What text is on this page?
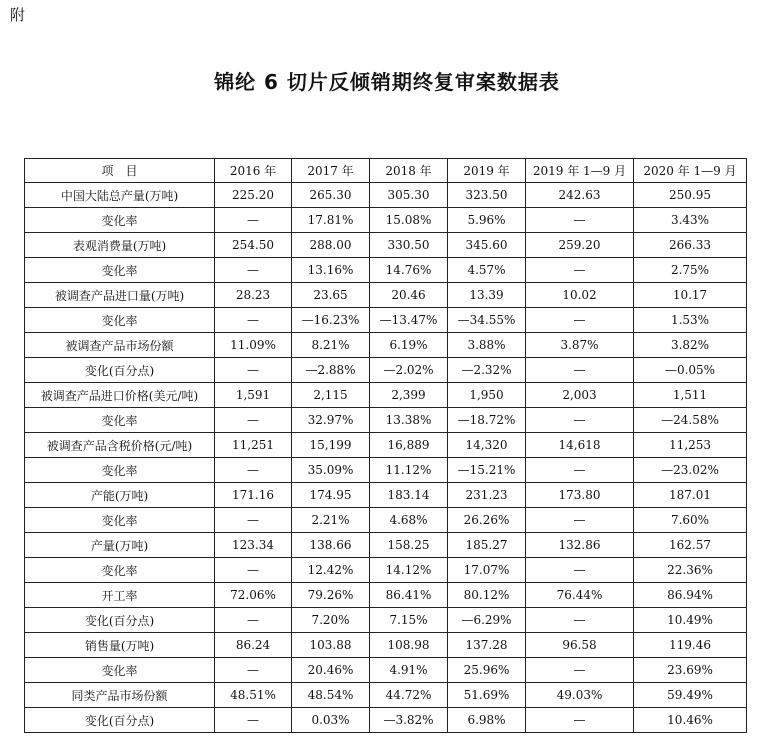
附
锦纶 6 切片反倾销期终复审案数据表
项　目	2016 年	2017 年	2018 年	2019 年	2019 年 1—9 月	2020 年 1—9 月
中国大陆总产量(万吨)	225.20	265.30	305.30	323.50	242.63	250.95
变化率	—	17.81%	15.08%	5.96%	—	3.43%
表观消费量(万吨)	254.50	288.00	330.50	345.60	259.20	266.33
变化率	—	13.16%	14.76%	4.57%	—	2.75%
被调查产品进口量(万吨)	28.23	23.65	20.46	13.39	10.02	10.17
变化率	—	—16.23%	—13.47%	—34.55%	—	1.53%
被调查产品市场份额	11.09%	8.21%	6.19%	3.88%	3.87%	3.82%
变化(百分点)	—	—2.88%	—2.02%	—2.32%	—	—0.05%
被调查产品进口价格(美元/吨)	1,591	2,115	2,399	1,950	2,003	1,511
变化率	—	32.97%	13.38%	—18.72%	—	—24.58%
被调查产品含税价格(元/吨)	11,251	15,199	16,889	14,320	14,618	11,253
变化率	—	35.09%	11.12%	—15.21%	—	—23.02%
产能(万吨)	171.16	174.95	183.14	231.23	173.80	187.01
变化率	—	2.21%	4.68%	26.26%	—	7.60%
产量(万吨)	123.34	138.66	158.25	185.27	132.86	162.57
变化率	—	12.42%	14.12%	17.07%	—	22.36%
开工率	72.06%	79.26%	86.41%	80.12%	76.44%	86.94%
变化(百分点)	—	7.20%	7.15%	—6.29%	—	10.49%
销售量(万吨)	86.24	103.88	108.98	137.28	96.58	119.46
变化率	—	20.46%	4.91%	25.96%	—	23.69%
同类产品市场份额	48.51%	48.54%	44.72%	51.69%	49.03%	59.49%
变化(百分点)	—	0.03%	—3.82%	6.98%	—	10.46%
